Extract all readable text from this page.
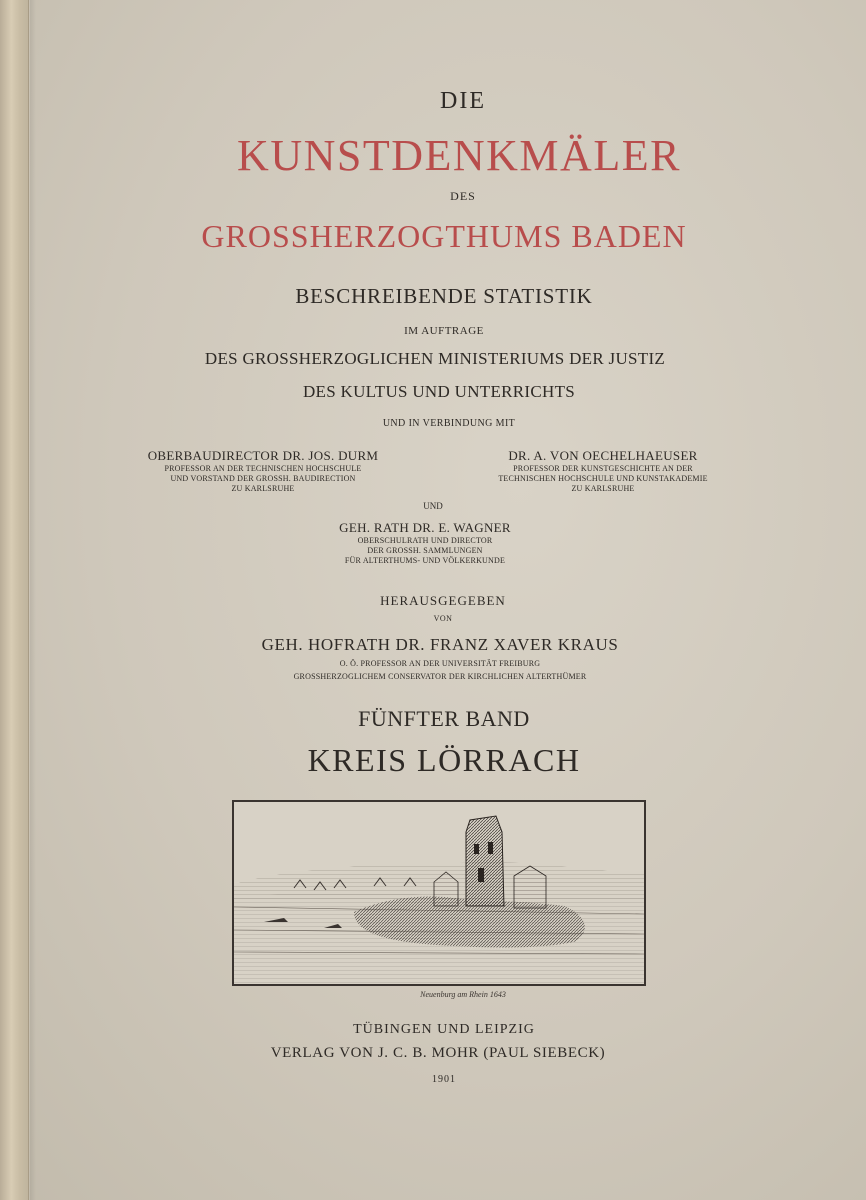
DIE
KUNSTDENKMÄLER
DES
GROSSHERZOGTHUMS BADEN
BESCHREIBENDE STATISTIK
IM AUFTRAGE
DES GROSSHERZOGLICHEN MINISTERIUMS DER JUSTIZ
DES KULTUS UND UNTERRICHTS
UND IN VERBINDUNG MIT
OBERBAUDIRECTOR DR. JOS. DURM
PROFESSOR AN DER TECHNISCHEN HOCHSCHULE
UND VORSTAND DER GROSSH. BAUDIRECTION
ZU KARLSRUHE
DR. A. VON OECHELHAEUSER
PROFESSOR DER KUNSTGESCHICHTE AN DER
TECHNISCHEN HOCHSCHULE UND KUNSTAKADEMIE
ZU KARLSRUHE
UND
GEH. RATH DR. E. WAGNER
OBERSCHULRATH UND DIRECTOR
DER GROSSH. SAMMLUNGEN
FÜR ALTERTHUMS- UND VÖLKERKUNDE
HERAUSGEGEBEN
VON
GEH. HOFRATH DR. FRANZ XAVER KRAUS
O. Ö. PROFESSOR AN DER UNIVERSITÄT FREIBURG
GROSSHERZOGLICHEM CONSERVATOR DER KIRCHLICHEN ALTERTHÜMER
FÜNFTER BAND
KREIS LÖRRACH
Neuenburg am Rhein 1643
TÜBINGEN UND LEIPZIG
VERLAG VON J. C. B. MOHR (PAUL SIEBECK)
1901
